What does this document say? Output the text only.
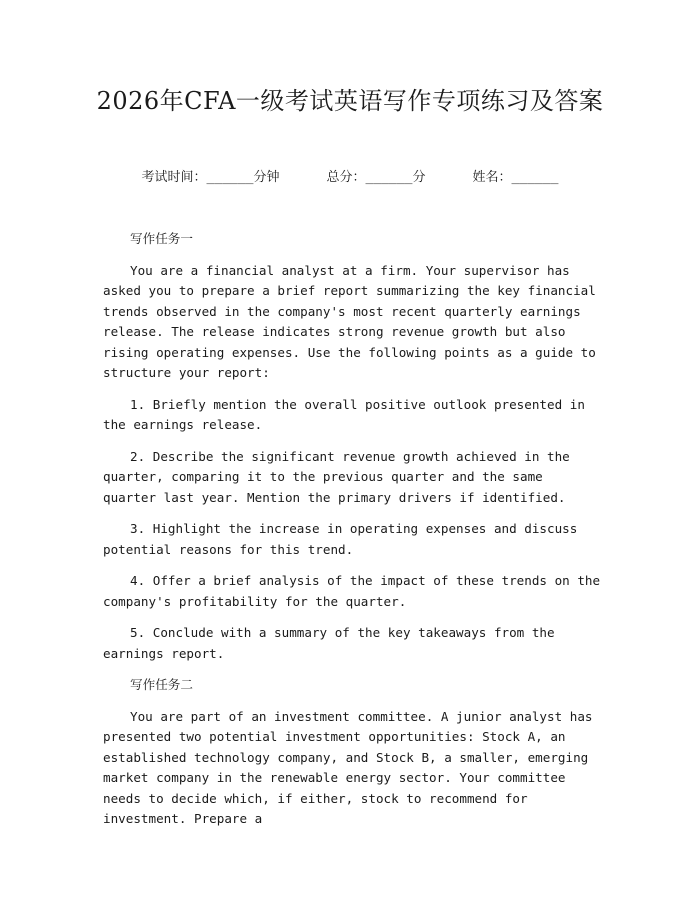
2026年CFA一级考试英语写作专项练习及答案
考试时间：______分钟	总分：______分	姓名：______

写作任务一

You are a financial analyst at a firm. Your supervisor has asked you to prepare a brief report summarizing the key financial trends observed in the company's most recent quarterly earnings release. The release indicates strong revenue growth but also rising operating expenses. Use the following points as a guide to structure your report:

1. Briefly mention the overall positive outlook presented in the earnings release.

2. Describe the significant revenue growth achieved in the quarter, comparing it to the previous quarter and the same quarter last year. Mention the primary drivers if identified.

3. Highlight the increase in operating expenses and discuss potential reasons for this trend.

4. Offer a brief analysis of the impact of these trends on the company's profitability for the quarter.

5. Conclude with a summary of the key takeaways from the earnings report.

写作任务二

You are part of an investment committee. A junior analyst has presented two potential investment opportunities: Stock A, an established technology company, and Stock B, a smaller, emerging market company in the renewable energy sector. Your committee needs to decide which, if either, stock to recommend for investment. Prepare a
